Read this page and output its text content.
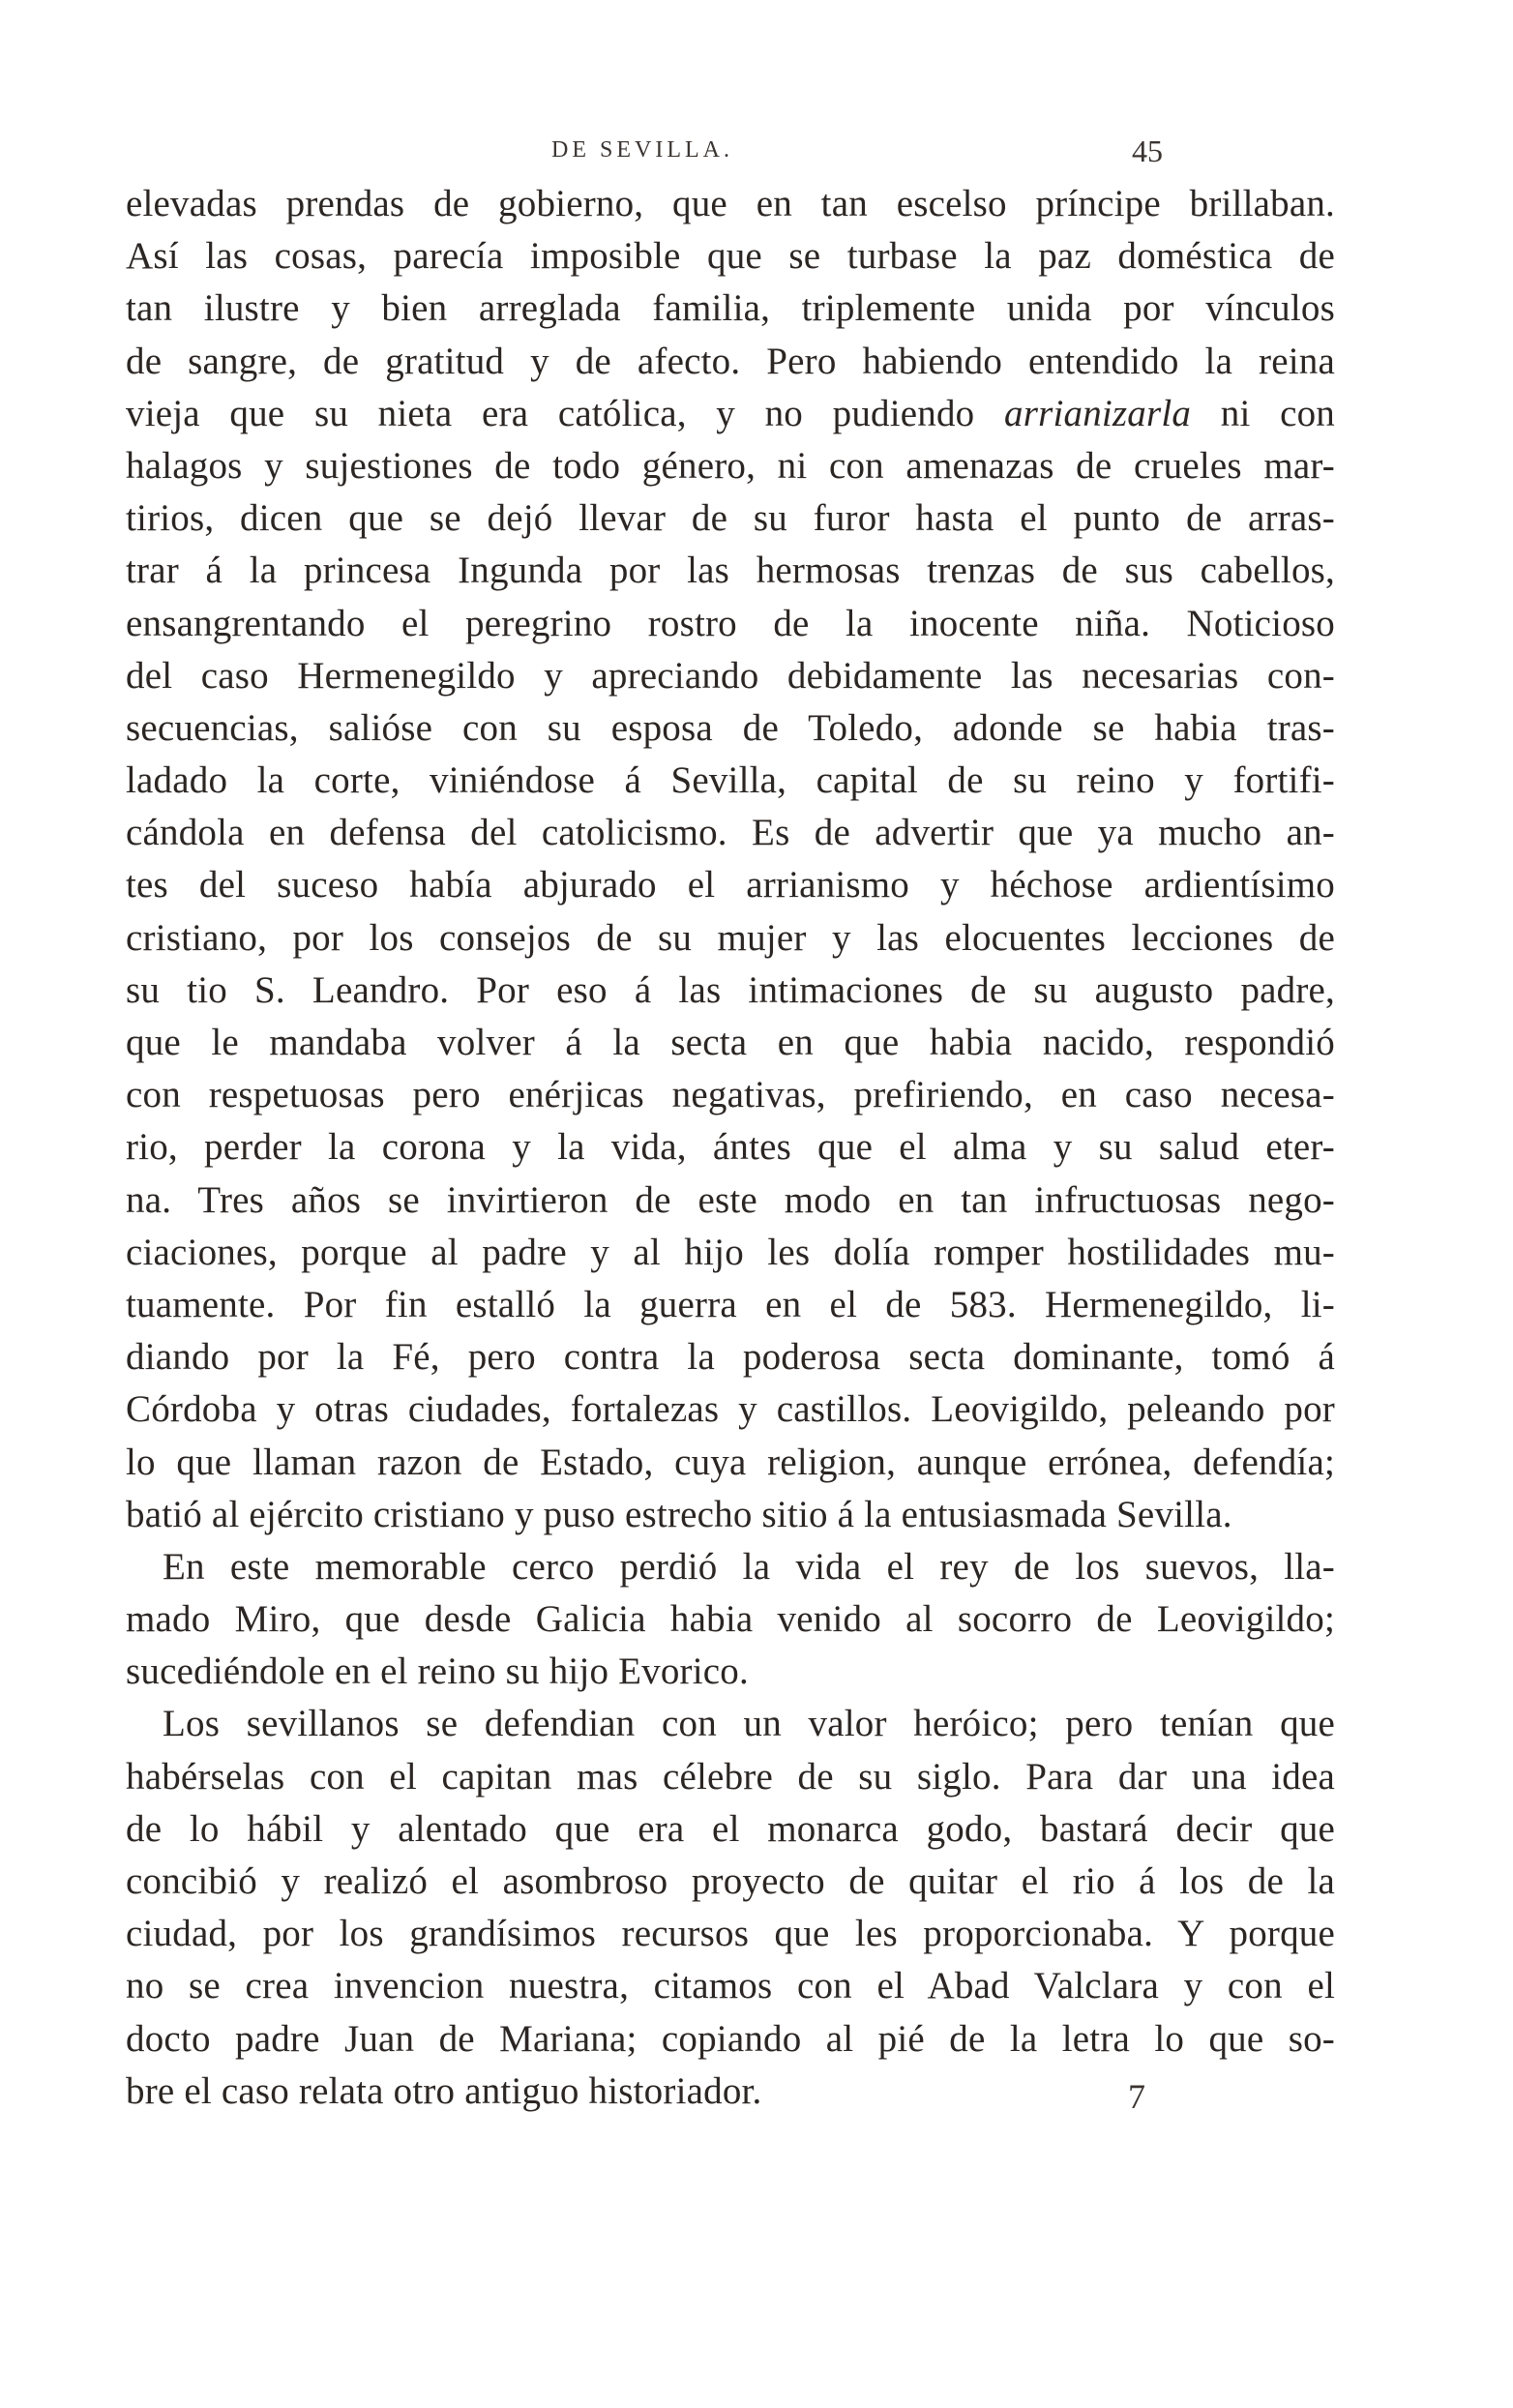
DE SEVILLA.	45
elevadas prendas de gobierno, que en tan escelso príncipe brillaban.
Así las cosas, parecía imposible que se turbase la paz doméstica de
tan ilustre y bien arreglada familia, triplemente unida por vínculos
de sangre, de gratitud y de afecto. Pero habiendo entendido la reina
vieja que su nieta era católica, y no pudiendo arrianizarla ni con
halagos y sujestiones de todo género, ni con amenazas de crueles mar-
tirios, dicen que se dejó llevar de su furor hasta el punto de arras-
trar á la princesa Ingunda por las hermosas trenzas de sus cabellos,
ensangrentando el peregrino rostro de la inocente niña. Noticioso
del caso Hermenegildo y apreciando debidamente las necesarias con-
secuencias, salióse con su esposa de Toledo, adonde se habia tras-
ladado la corte, viniéndose á Sevilla, capital de su reino y fortifi-
cándola en defensa del catolicismo. Es de advertir que ya mucho an-
tes del suceso había abjurado el arrianismo y héchose ardientísimo
cristiano, por los consejos de su mujer y las elocuentes lecciones de
su tio S. Leandro. Por eso á las intimaciones de su augusto padre,
que le mandaba volver á la secta en que habia nacido, respondió
con respetuosas pero enérjicas negativas, prefiriendo, en caso necesa-
rio, perder la corona y la vida, ántes que el alma y su salud eter-
na. Tres años se invirtieron de este modo en tan infructuosas nego-
ciaciones, porque al padre y al hijo les dolía romper hostilidades mu-
tuamente. Por fin estalló la guerra en el de 583. Hermenegildo, li-
diando por la Fé, pero contra la poderosa secta dominante, tomó á
Córdoba y otras ciudades, fortalezas y castillos. Leovigildo, peleando por
lo que llaman razon de Estado, cuya religion, aunque errónea, defendía;
batió al ejército cristiano y puso estrecho sitio á la entusiasmada Sevilla.
En este memorable cerco perdió la vida el rey de los suevos, lla-
mado Miro, que desde Galicia habia venido al socorro de Leovigildo;
sucediéndole en el reino su hijo Evorico.
Los sevillanos se defendian con un valor heróico; pero tenían que
habérselas con el capitan mas célebre de su siglo. Para dar una idea
de lo hábil y alentado que era el monarca godo, bastará decir que
concibió y realizó el asombroso proyecto de quitar el rio á los de la
ciudad, por los grandísimos recursos que les proporcionaba. Y porque
no se crea invencion nuestra, citamos con el Abad Valclara y con el
docto padre Juan de Mariana; copiando al pié de la letra lo que so-
bre el caso relata otro antiguo historiador.	7
